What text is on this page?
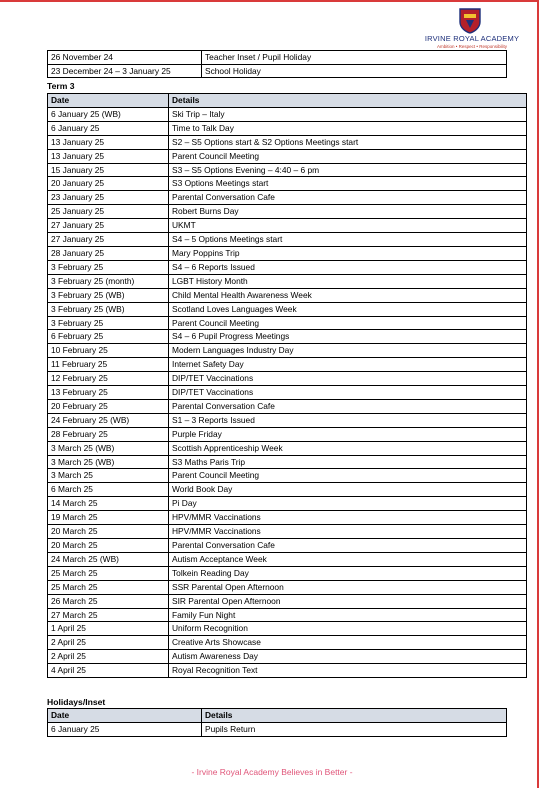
IRVINE ROYAL ACADEMY
Ambition • Respect • Responsibility
26 November 24	Teacher Inset / Pupil Holiday
23 December 24 – 3 January 25	School Holiday
Term 3
Date	Details
6 January 25 (WB)	Ski Trip – Italy
6 January 25	Time to Talk Day
13 January 25	S2 – S5 Options start & S2 Options Meetings start
13 January 25	Parent Council Meeting
15 January 25	S3 – S5 Options Evening – 4:40 – 6 pm
20 January 25	S3 Options Meetings start
23 January 25	Parental Conversation Cafe
25 January 25	Robert Burns Day
27 January 25	UKMT
27 January 25	S4 – 5 Options Meetings start
28 January 25	Mary Poppins Trip
3 February 25	S4 – 6 Reports Issued
3 February 25 (month)	LGBT History Month
3 February 25 (WB)	Child Mental Health Awareness Week
3 February 25 (WB)	Scotland Loves Languages Week
3 February 25	Parent Council Meeting
6 February 25	S4 – 6 Pupil Progress Meetings
10 February 25	Modern Languages Industry Day
11 February 25	Internet Safety Day
12 February 25	DIP/TET Vaccinations
13 February 25	DIP/TET Vaccinations
20 February 25	Parental Conversation Cafe
24 February 25 (WB)	S1 – 3 Reports Issued
28 February 25	Purple Friday
3 March 25 (WB)	Scottish Apprenticeship Week
3 March 25 (WB)	S3 Maths Paris Trip
3 March 25	Parent Council Meeting
6 March 25	World Book Day
14 March 25	Pi Day
19 March 25	HPV/MMR Vaccinations
20 March 25	HPV/MMR Vaccinations
20 March 25	Parental Conversation Cafe
24 March 25 (WB)	Autism Acceptance Week
25 March 25	Tolkein Reading Day
25 March 25	SSR Parental Open Afternoon
26 March 25	SIR Parental Open Afternoon
27 March 25	Family Fun Night
1 April 25	Uniform Recognition
2 April 25	Creative Arts Showcase
2 April 25	Autism Awareness Day
4 April 25	Royal Recognition Text
Holidays/Inset
Date	Details
6 January 25	Pupils Return
- Irvine Royal Academy Believes in Better -
